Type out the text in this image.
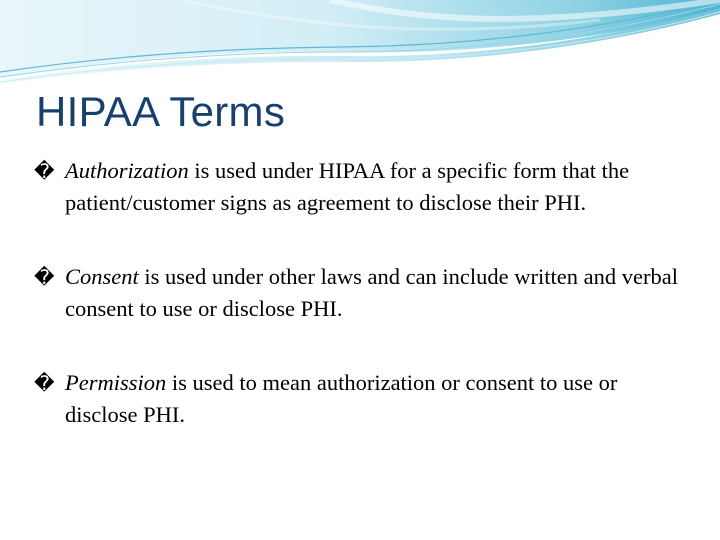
HIPAA Terms
� Authorization is used under HIPAA for a specific form that the patient/customer signs as agreement to disclose their PHI.
� Consent is used under other laws and can include written and verbal consent to use or disclose PHI.
� Permission is used to mean authorization or consent to use or disclose PHI.
